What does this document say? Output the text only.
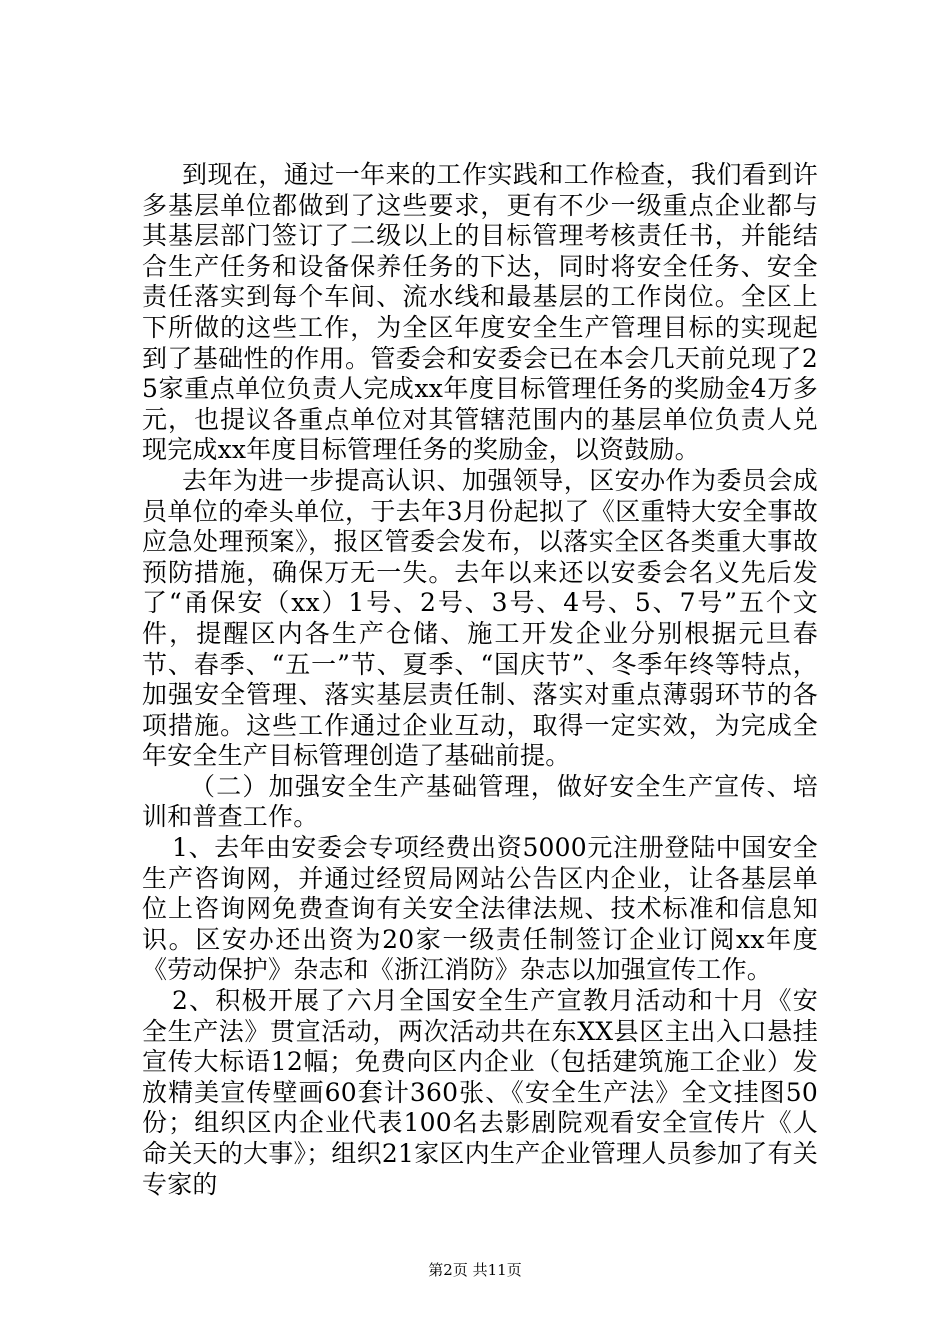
到现在，通过一年来的工作实践和工作检查，我们看到许多基层单位都做到了这些要求，更有不少一级重点企业都与其基层部门签订了二级以上的目标管理考核责任书，并能结合生产任务和设备保养任务的下达，同时将安全任务、安全责任落实到每个车间、流水线和最基层的工作岗位。全区上下所做的这些工作，为全区年度安全生产管理目标的实现起到了基础性的作用。管委会和安委会已在本会几天前兑现了25家重点单位负责人完成xx年度目标管理任务的奖励金4万多元，也提议各重点单位对其管辖范围内的基层单位负责人兑现完成xx年度目标管理任务的奖励金，以资鼓励。

去年为进一步提高认识、加强领导，区安办作为委员会成员单位的牵头单位，于去年3月份起拟了《区重特大安全事故应急处理预案》，报区管委会发布，以落实全区各类重大事故预防措施，确保万无一失。去年以来还以安委会名义先后发了“甬保安（xx）1号、2号、3号、4号、5、7号”五个文件，提醒区内各生产仓储、施工开发企业分别根据元旦春节、春季、“五一”节、夏季、“国庆节”、冬季年终等特点，加强安全管理、落实基层责任制、落实对重点薄弱环节的各项措施。这些工作通过企业互动，取得一定实效，为完成全年安全生产目标管理创造了基础前提。

（二）加强安全生产基础管理，做好安全生产宣传、培训和普查工作。

1、去年由安委会专项经费出资5000元注册登陆中国安全生产咨询网，并通过经贸局网站公告区内企业，让各基层单位上咨询网免费查询有关安全法律法规、技术标准和信息知识。区安办还出资为20家一级责任制签订企业订阅xx年度《劳动保护》杂志和《浙江消防》杂志以加强宣传工作。

2、积极开展了六月全国安全生产宣教月活动和十月《安全生产法》贯宣活动，两次活动共在东XX县区主出入口悬挂宣传大标语12幅；免费向区内企业（包括建筑施工企业）发放精美宣传壁画60套计360张、《安全生产法》全文挂图50份；组织区内企业代表100名去影剧院观看安全宣传片《人命关天的大事》；组织21家区内生产企业管理人员参加了有关专家的

第2页 共11页
